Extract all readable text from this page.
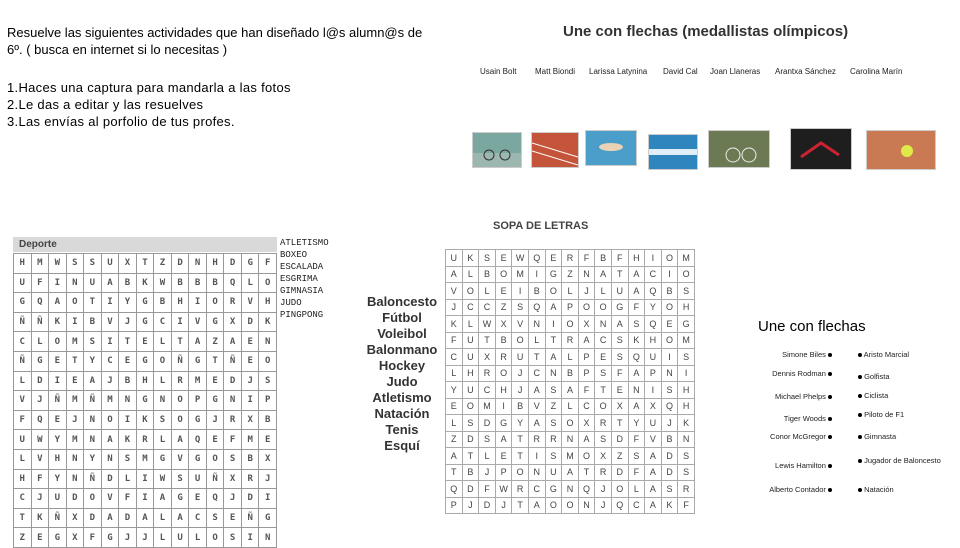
Resuelve las siguientes actividades que han diseñado l@s alumn@s de 6º. ( busca en internet si lo necesitas )
1.Haces una captura para mandarla a las fotos
2.Le das a editar y las resuelves
3.Las envías al porfolio de tus profes.
Une con flechas (medallistas olímpicos)
Usain Bolt Matt Biondi Larissa Latynina David Cal Joan Llaneras Arantxa Sánchez Carolina Marín
Deporte
H	M	W	S	S	U	X	T	Z	D	N	H	D	G	F
U	F	I	N	U	A	B	K	W	B	B	B	Q	L	O
G	Q	A	O	T	I	Y	G	B	H	I	O	R	V	H
Ñ	Ñ	K	I	B	V	J	G	C	I	V	G	X	D	K
C	L	O	M	S	I	T	E	L	T	A	Z	A	E	N
Ñ	G	E	T	Y	C	E	G	O	Ñ	G	T	Ñ	E	O
L	D	I	E	A	J	B	H	L	R	M	E	D	J	S
V	J	Ñ	M	Ñ	M	N	G	N	O	P	G	N	I	P
F	Q	E	J	N	O	I	K	S	O	G	J	R	X	B
U	W	Y	M	N	A	K	R	L	A	Q	E	F	M	E
L	V	H	N	Y	N	S	M	G	V	G	O	S	B	X
H	F	Y	N	Ñ	D	L	I	W	S	U	Ñ	X	R	J
C	J	U	D	O	V	F	I	A	G	E	Q	J	D	I
T	K	Ñ	X	D	A	D	A	L	A	C	S	E	Ñ	G
Z	E	G	X	F	G	J	J	L	U	L	O	S	I	N
ATLETISMO
BOXEO
ESCALADA
ESGRIMA
GIMNASIA
JUDO
PINGPONG
Baloncesto
Fútbol
Voleibol
Balonmano
Hockey
Judo
Atletismo
Natación
Tenis
Esquí
SOPA DE LETRAS
U	K	S	E	W	Q	E	R	F	B	F	H	I	O	M
A	L	B	O	M	I	G	Z	N	A	T	A	C	I	O
V	O	L	E	I	B	O	L	J	L	U	A	Q	B	S
J	C	C	Z	S	Q	A	P	O	O	G	F	Y	O	H
K	L	W	X	V	N	I	O	X	N	A	S	Q	E	G
F	U	T	B	O	L	T	R	A	C	S	K	H	O	M
C	U	X	R	U	T	A	L	P	E	S	Q	U	I	S
L	H	R	O	J	C	N	B	P	S	F	A	P	N	I
Y	U	C	H	J	A	S	A	F	T	E	N	I	S	H
E	O	M	I	B	V	Z	L	C	O	X	A	X	Q	H
L	S	D	G	Y	A	S	O	X	R	T	Y	U	J	K
Z	D	S	A	T	R	R	N	A	S	D	F	V	B	N
A	T	L	E	T	I	S	M	O	X	Z	S	A	D	S
T	B	J	P	O	N	U	A	T	R	D	F	A	D	S
Q	D	F	W	R	C	G	N	Q	J	O	L	A	S	R
P	J	D	J	T	A	O	O	N	J	Q	C	A	K	F
Une con flechas
Simone Biles
Dennis Rodman
Michael Phelps
Tiger Woods
Conor McGregor
Lewis Hamilton
Alberto Contador
Aristo Marcial
Golfista
Ciclista
Piloto de F1
Gimnasta
Jugador de Baloncesto
Natación
